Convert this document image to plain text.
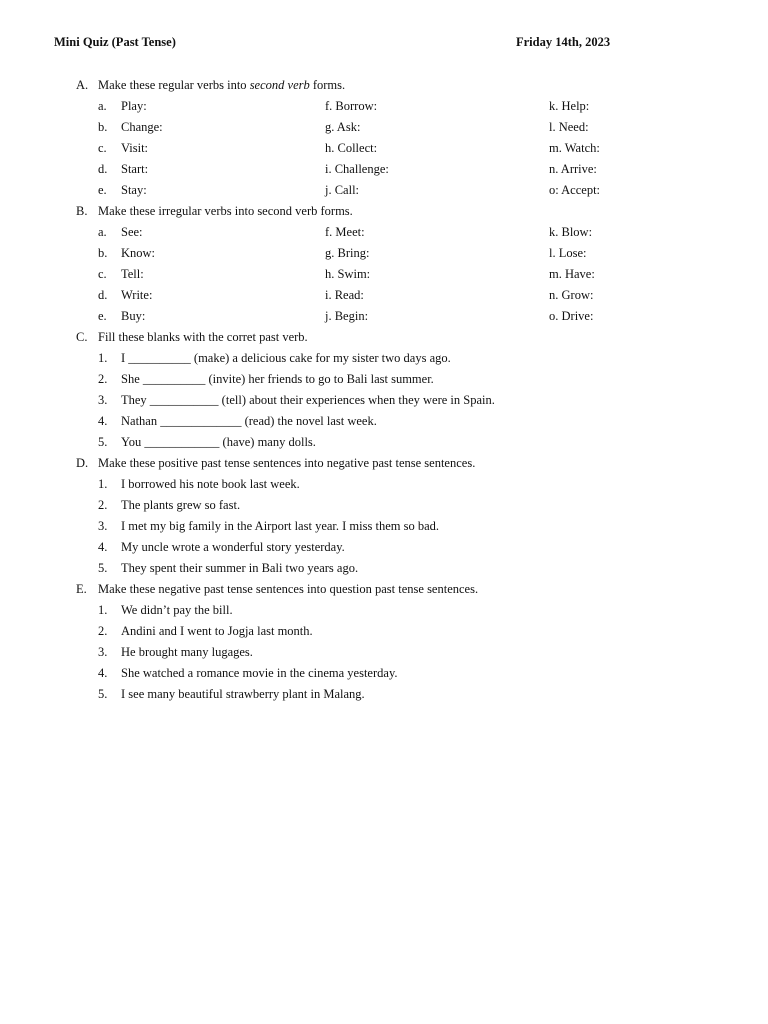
Mini Quiz (Past Tense)	Friday 14th, 2023
A. Make these regular verbs into second verb forms.
a. Play:	f. Borrow:	k. Help:
b. Change:	g. Ask:	l. Need:
c. Visit:	h. Collect:	m. Watch:
d. Start:	i. Challenge:	n. Arrive:
e. Stay:	j. Call:	o: Accept:
B. Make these irregular verbs into second verb forms.
a. See:	f. Meet:	k. Blow:
b. Know:	g. Bring:	l. Lose:
c. Tell:	h. Swim:	m. Have:
d. Write:	i. Read:	n. Grow:
e. Buy:	j. Begin:	o. Drive:
C. Fill these blanks with the corret past verb.
1. I __________ (make) a delicious cake for my sister two days ago.
2. She __________ (invite) her friends to go to Bali last summer.
3. They ___________ (tell) about their experiences when they were in Spain.
4. Nathan _____________ (read) the novel last week.
5. You ____________ (have) many dolls.
D. Make these positive past tense sentences into negative past tense sentences.
1. I borrowed his note book last week.
2. The plants grew so fast.
3. I met my big family in the Airport last year. I miss them so bad.
4. My uncle wrote a wonderful story yesterday.
5. They spent their summer in Bali two years ago.
E. Make these negative past tense sentences into question past tense sentences.
1. We didn’t pay the bill.
2. Andini and I went to Jogja last month.
3. He brought many lugages.
4. She watched a romance movie in the cinema yesterday.
5. I see many beautiful strawberry plant in Malang.
